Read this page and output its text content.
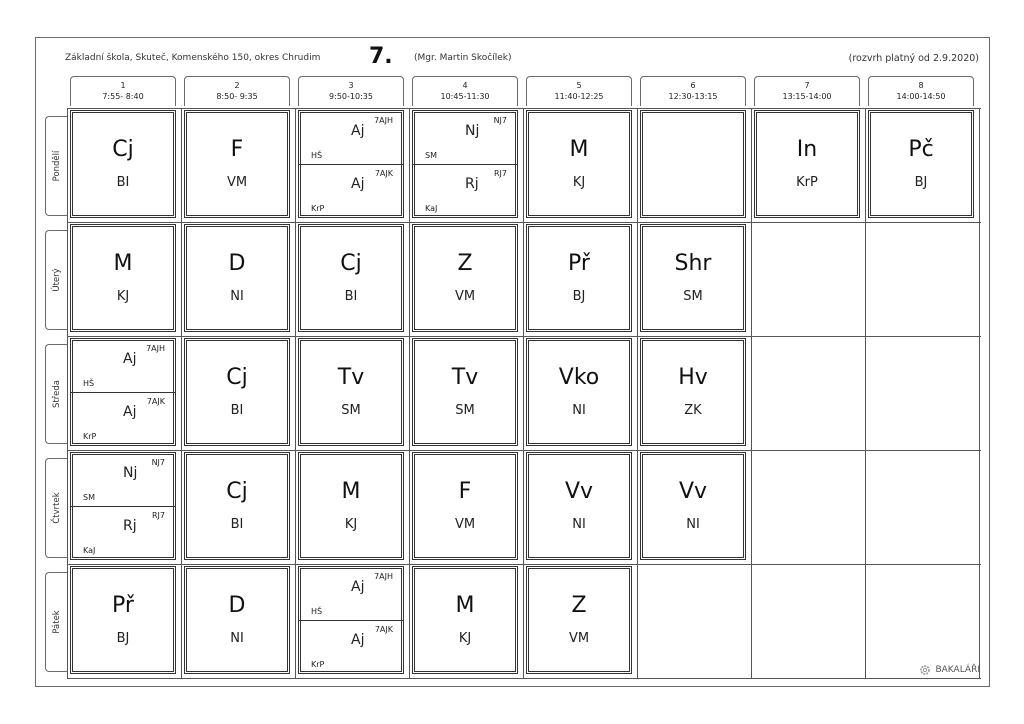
Základní škola, Skuteč, Komenského 150, okres Chrudim 7. (Mgr. Martin Skočílek)	(rozvrh platný od 2.9.2020)
1
7:55- 8:40
2
8:50- 9:35
3
9:50-10:35
4
10:45-11:30
5
11:40-12:25
6
12:30-13:15
7
13:15-14:00
8
14:00-14:50
Pondělí
Cj
BI
F
VM
7AJH
Aj
HŠ
7AJK
Aj
KrP
NJ7
Nj
SM
RJ7
Rj
KaJ
M
KJ
In
KrP
Pč
BJ
Úterý
M
KJ
D
NI
Cj
BI
Z
VM
Př
BJ
Shr
SM
Středa
7AJH
Aj
HŠ
7AJK
Aj
KrP
Cj
BI
Tv
SM
Tv
SM
Vko
NI
Hv
ZK
Čtvrtek
NJ7
Nj
SM
RJ7
Rj
KaJ
Cj
BI
M
KJ
F
VM
Vv
NI
Vv
NI
Pátek
Př
BJ
D
NI
7AJH
Aj
HŠ
7AJK
Aj
KrP
M
KJ
Z
VM
BAKALÁŘI
